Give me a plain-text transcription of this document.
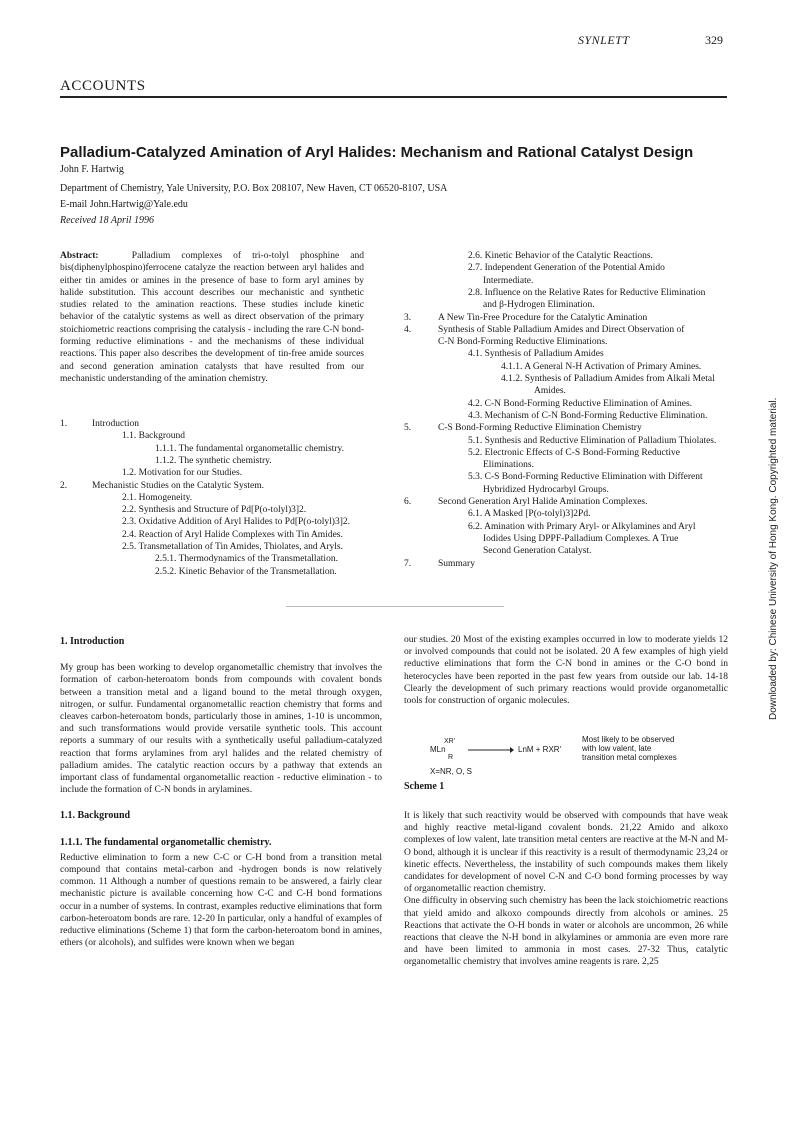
SYNLETT	329
ACCOUNTS
Palladium-Catalyzed Amination of Aryl Halides: Mechanism and Rational Catalyst Design
John F. Hartwig
Department of Chemistry, Yale University, P.O. Box 208107, New Haven, CT 06520-8107, USA
E-mail John.Hartwig@Yale.edu
Received 18 April 1996
Abstract:	Palladium complexes of tri-o-tolyl phosphine and bis(diphenylphospino)ferrocene catalyze the reaction between aryl halides and either tin amides or amines in the presence of base to form aryl amines by halide substitution. This account describes our mechanistic and synthetic studies related to the amination reactions. These studies include kinetic behavior of the catalytic systems as well as direct observation of the primary stoichiometric reactions comprising the catalysis - including the rare C-N bond-forming reductive eliminations - and the mechanisms of these individual reactions. This paper also describes the development of tin-free amide sources and second generation amination catalysts that have resulted from our mechanistic understanding of the amination chemistry.
1.	Introduction
1.1. Background
1.1.1. The fundamental organometallic chemistry.
1.1.2. The synthetic chemistry.
1.2. Motivation for our Studies.
2.	Mechanistic Studies on the Catalytic System.
2.1. Homogeneity.
2.2. Synthesis and Structure of Pd[P(o-tolyl)3]2.
2.3. Oxidative Addition of Aryl Halides to Pd[P(o-tolyl)3]2.
2.4. Reaction of Aryl Halide Complexes with Tin Amides.
2.5. Transmetallation of Tin Amides, Thiolates, and Aryls.
2.5.1. Thermodynamics of the Transmetallation.
2.5.2. Kinetic Behavior of the Transmetallation.
2.6. Kinetic Behavior of the Catalytic Reactions.
2.7. Independent Generation of the Potential Amido
Intermediate.
2.8. Influence on the Relative Rates for Reductive Elimination
and β-Hydrogen Elimination.
3.	A New Tin-Free Procedure for the Catalytic Amination
4.	Synthesis of Stable Palladium Amides and Direct Observation of
C-N Bond-Forming Reductive Eliminations.
4.1. Synthesis of Palladium Amides
4.1.1. A General N-H Activation of Primary Amines.
4.1.2. Synthesis of Palladium Amides from Alkali Metal
Amides.
4.2. C-N Bond-Forming Reductive Elimination of Amines.
4.3. Mechanism of C-N Bond-Forming Reductive Elimination.
5.	C-S Bond-Forming Reductive Elimination Chemistry
5.1. Synthesis and Reductive Elimination of Palladium Thiolates.
5.2. Electronic Effects of C-S Bond-Forming Reductive
Eliminations.
5.3. C-S Bond-Forming Reductive Elimination with Different
Hybridized Hydrocarbyl Groups.
6.	Second Generation Aryl Halide Amination Complexes.
6.1. A Masked [P(o-tolyl)3]2Pd.
6.2. Amination with Primary Aryl- or Alkylamines and Aryl
Iodides Using DPPF-Palladium Complexes. A True
Second Generation Catalyst.
7.	Summary

1. Introduction

My group has been working to develop organometallic chemistry that involves the formation of carbon-heteroatom bonds from compounds with covalent bonds between a transition metal and a ligand bound to the metal through oxygen, nitrogen, or sulfur. Fundamental organometallic reaction chemistry that forms and cleaves carbon-heteroatom bonds, particularly those in amines, 1-10 is uncommon, and such transformations would provide versatile synthetic tools. This account reports a summary of our results with a synthetically useful palladium-catalyzed reaction that forms arylamines from aryl halides and the related chemistry of palladium amides. The catalytic reaction occurs by a pathway that extends an important class of fundamental organometallic reaction - reductive elimination - to include the formation of C-N bonds in arylamines.

1.1. Background

1.1.1. The fundamental organometallic chemistry.

Reductive elimination to form a new C-C or C-H bond from a transition metal compound that contains metal-carbon and -hydrogen bonds is now relatively common. 11 Although a number of questions remain to be answered, a fairly clear mechanistic picture is available concerning how C-C and C-H bond formations occur in a number of systems. In contrast, examples reductive eliminations that form carbon-heteroatom bonds are rare. 12-20 In particular, only a handful of examples of reductive eliminations (Scheme 1) that form the carbon-heteroatom bond in amines, ethers (or alcohols), and sulfides were known when we began

our studies. 20 Most of the existing examples occurred in low to moderate yields 12 or involved compounds that could not be isolated. 20 A few examples of high yield reductive eliminations that form the C-N bond in amines or the C-O bond in heterocycles have been reported in the past few years from outside our lab. 14-18 Clearly the development of such primary reactions would provide organometallic tools for construction of organic molecules.

MLn
XR'
R
LnM + RXR'
Most likely to be observed
with low valent, late
transition metal complexes
X=NR, O, S
Scheme 1

It is likely that such reactivity would be observed with compounds that have weak and highly reactive metal-ligand covalent bonds. 21,22 Amido and alkoxo complexes of low valent, late transition metal centers are reactive at the M-N and M-O bond, although it is unclear if this reactivity is a result of thermodynamic 23,24 or kinetic effects. Nevertheless, the instability of such compounds makes them likely candidates for development of novel C-N and C-O bond forming processes by way of organometallic reaction chemistry.

One difficulty in observing such chemistry has been the lack stoichiometric reactions that yield amido and alkoxo compounds directly from alcohols or amines. 25 Reactions that activate the O-H bonds in water or alcohols are uncommon, 26 while reactions that cleave the N-H bond in alkylamines or ammonia are even more rare and have been limited to ammonia in most cases. 27-32 Thus, catalytic organometallic chemistry that involves amine reagents is rare. 2,25

Downloaded by: Chinese University of Hong Kong. Copyrighted material.
